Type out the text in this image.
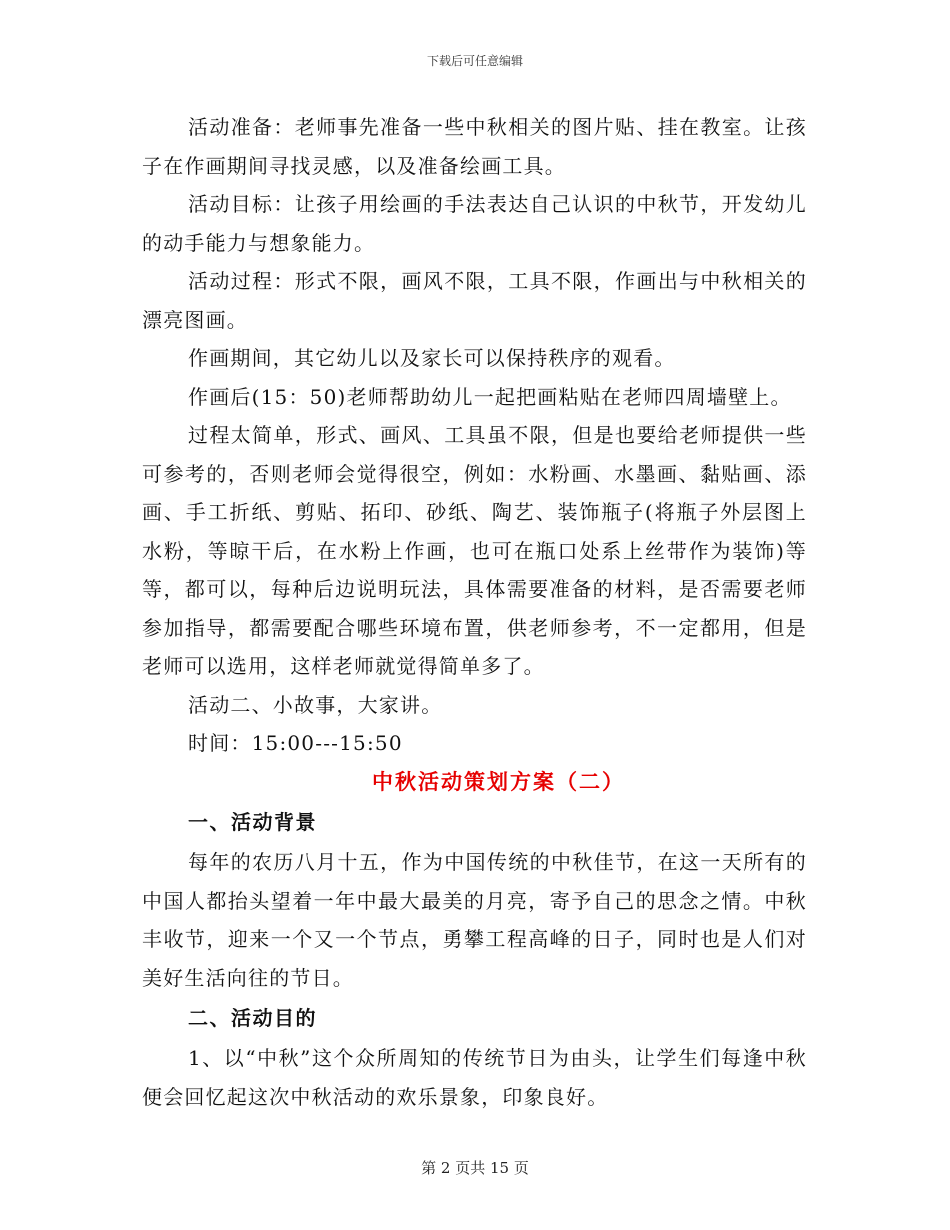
下载后可任意编辑

活动准备：老师事先准备一些中秋相关的图片贴、挂在教室。让孩子在作画期间寻找灵感，以及准备绘画工具。

活动目标：让孩子用绘画的手法表达自己认识的中秋节，开发幼儿的动手能力与想象能力。

活动过程：形式不限，画风不限，工具不限，作画出与中秋相关的漂亮图画。

作画期间，其它幼儿以及家长可以保持秩序的观看。

作画后(15：50)老师帮助幼儿一起把画粘贴在老师四周墙壁上。

过程太简单，形式、画风、工具虽不限，但是也要给老师提供一些可参考的，否则老师会觉得很空，例如：水粉画、水墨画、黏贴画、添画、手工折纸、剪贴、拓印、砂纸、陶艺、装饰瓶子(将瓶子外层图上水粉，等晾干后，在水粉上作画，也可在瓶口处系上丝带作为装饰)等等，都可以，每种后边说明玩法，具体需要准备的材料，是否需要老师参加指导，都需要配合哪些环境布置，供老师参考，不一定都用，但是老师可以选用，这样老师就觉得简单多了。

活动二、小故事，大家讲。

时间：15:00---15:50

中秋活动策划方案（二）

一、活动背景

每年的农历八月十五，作为中国传统的中秋佳节，在这一天所有的中国人都抬头望着一年中最大最美的月亮，寄予自己的思念之情。中秋丰收节，迎来一个又一个节点，勇攀工程高峰的日子，同时也是人们对美好生活向往的节日。

二、活动目的

1、以“中秋”这个众所周知的传统节日为由头，让学生们每逢中秋便会回忆起这次中秋活动的欢乐景象，印象良好。

第 2 页共 15 页
